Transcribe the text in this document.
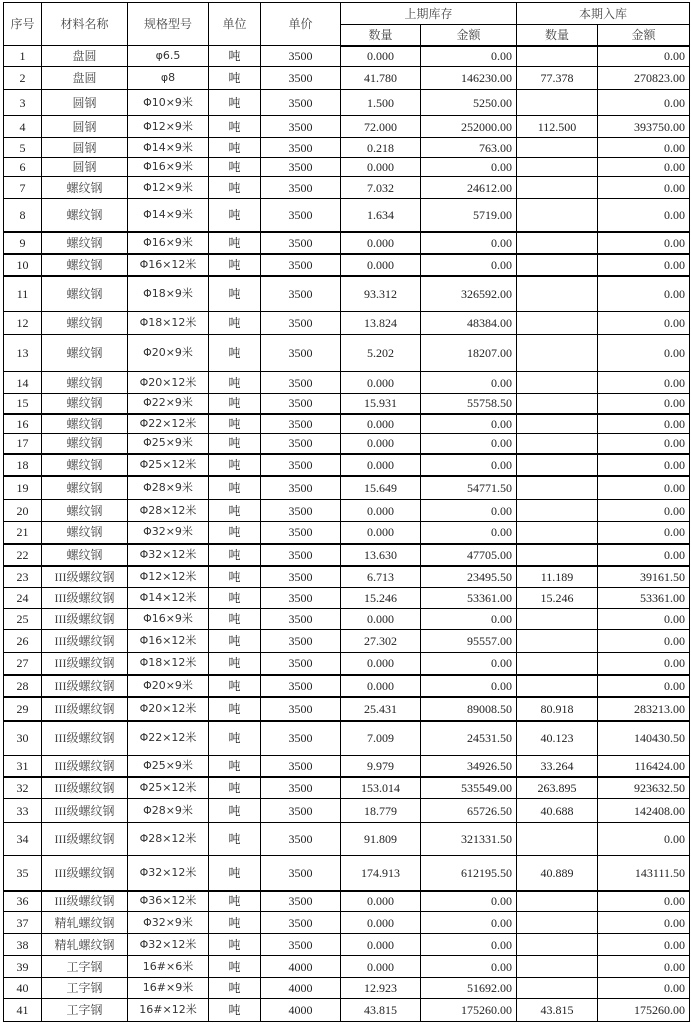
序号	材料名称	规格型号	单位	单价	上期库存		本期入库	
					数量	金额	数量	金额
1	盘圆	φ6.5	吨	3500	0.000	0.00		0.00
2	盘圆	φ8	吨	3500	41.780	146230.00	77.378	270823.00
3	圆钢	Φ10×9米	吨	3500	1.500	5250.00		0.00
4	圆钢	Φ12×9米	吨	3500	72.000	252000.00	112.500	393750.00
5	圆钢	Φ14×9米	吨	3500	0.218	763.00		0.00
6	圆钢	Φ16×9米	吨	3500	0.000	0.00		0.00
7	螺纹钢	Φ12×9米	吨	3500	7.032	24612.00		0.00
8	螺纹钢	Φ14×9米	吨	3500	1.634	5719.00		0.00
9	螺纹钢	Φ16×9米	吨	3500	0.000	0.00		0.00
10	螺纹钢	Φ16×12米	吨	3500	0.000	0.00		0.00
11	螺纹钢	Φ18×9米	吨	3500	93.312	326592.00		0.00
12	螺纹钢	Φ18×12米	吨	3500	13.824	48384.00		0.00
13	螺纹钢	Φ20×9米	吨	3500	5.202	18207.00		0.00
14	螺纹钢	Φ20×12米	吨	3500	0.000	0.00		0.00
15	螺纹钢	Φ22×9米	吨	3500	15.931	55758.50		0.00
16	螺纹钢	Φ22×12米	吨	3500	0.000	0.00		0.00
17	螺纹钢	Φ25×9米	吨	3500	0.000	0.00		0.00
18	螺纹钢	Φ25×12米	吨	3500	0.000	0.00		0.00
19	螺纹钢	Φ28×9米	吨	3500	15.649	54771.50		0.00
20	螺纹钢	Φ28×12米	吨	3500	0.000	0.00		0.00
21	螺纹钢	Φ32×9米	吨	3500	0.000	0.00		0.00
22	螺纹钢	Φ32×12米	吨	3500	13.630	47705.00		0.00
23	III级螺纹钢	Φ12×12米	吨	3500	6.713	23495.50	11.189	39161.50
24	III级螺纹钢	Φ14×12米	吨	3500	15.246	53361.00	15.246	53361.00
25	III级螺纹钢	Φ16×9米	吨	3500	0.000	0.00		0.00
26	III级螺纹钢	Φ16×12米	吨	3500	27.302	95557.00		0.00
27	III级螺纹钢	Φ18×12米	吨	3500	0.000	0.00		0.00
28	III级螺纹钢	Φ20×9米	吨	3500	0.000	0.00		0.00
29	III级螺纹钢	Φ20×12米	吨	3500	25.431	89008.50	80.918	283213.00
30	III级螺纹钢	Φ22×12米	吨	3500	7.009	24531.50	40.123	140430.50
31	III级螺纹钢	Φ25×9米	吨	3500	9.979	34926.50	33.264	116424.00
32	III级螺纹钢	Φ25×12米	吨	3500	153.014	535549.00	263.895	923632.50
33	III级螺纹钢	Φ28×9米	吨	3500	18.779	65726.50	40.688	142408.00
34	III级螺纹钢	Φ28×12米	吨	3500	91.809	321331.50		0.00
35	III级螺纹钢	Φ32×12米	吨	3500	174.913	612195.50	40.889	143111.50
36	III级螺纹钢	Φ36×12米	吨	3500	0.000	0.00		0.00
37	精轧螺纹钢	Φ32×9米	吨	3500	0.000	0.00		0.00
38	精轧螺纹钢	Φ32×12米	吨	3500	0.000	0.00		0.00
39	工字钢	16#×6米	吨	4000	0.000	0.00		0.00
40	工字钢	16#×9米	吨	4000	12.923	51692.00		0.00
41	工字钢	16#×12米	吨	4000	43.815	175260.00	43.815	175260.00
